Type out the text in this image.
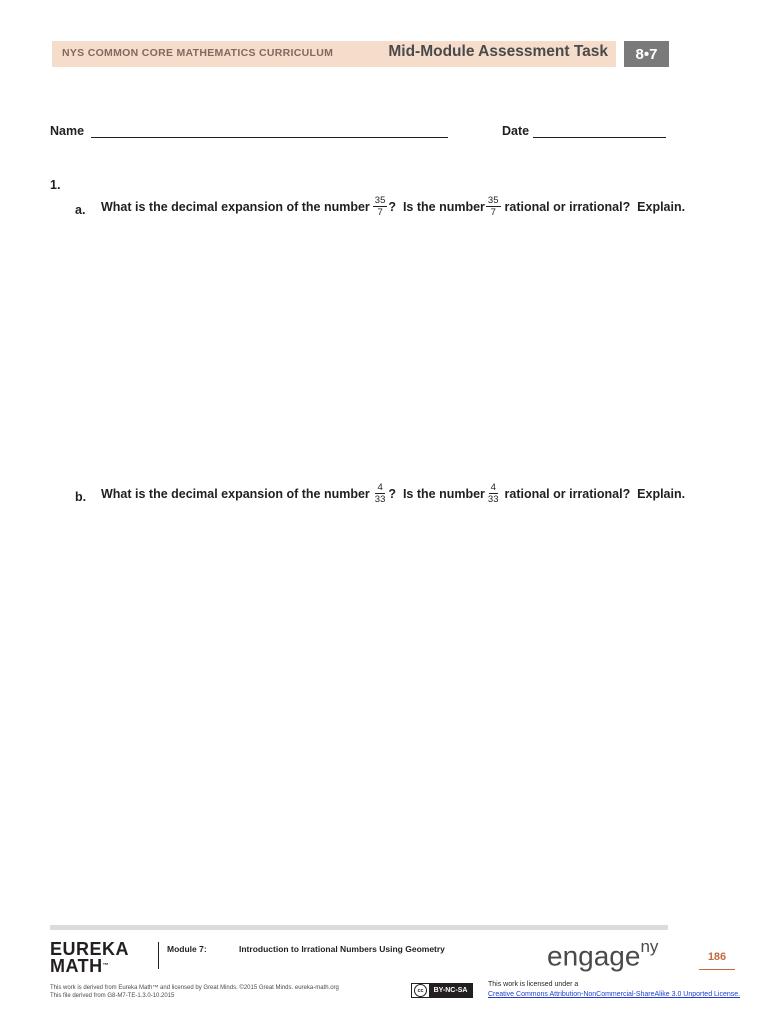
NYS COMMON CORE MATHEMATICS CURRICULUM	Mid-Module Assessment Task	8•7
Name	Date
1.
a. What is the decimal expansion of the number $\frac{35}{7}$ ?  Is the number $\frac{35}{7}$ rational or irrational?  Explain.
b. What is the decimal expansion of the number $\frac{4}{33}$ ?  Is the number $\frac{4}{33}$ rational or irrational?  Explain.
EUREKA
MATH™
Module 7:	Introduction to Irrational Numbers Using Geometry	engage$^{ny}$
186
This work is derived from Eureka Math™ and licensed by Great Minds. ©2015 Great Minds. eureka-math.org
This file derived from G8-M7-TE-1.3.0-10.2015
cc	BY-NC-SA
This work is licensed under a
Creative Commons Attribution-NonCommercial-ShareAlike 3.0 Unported License.
